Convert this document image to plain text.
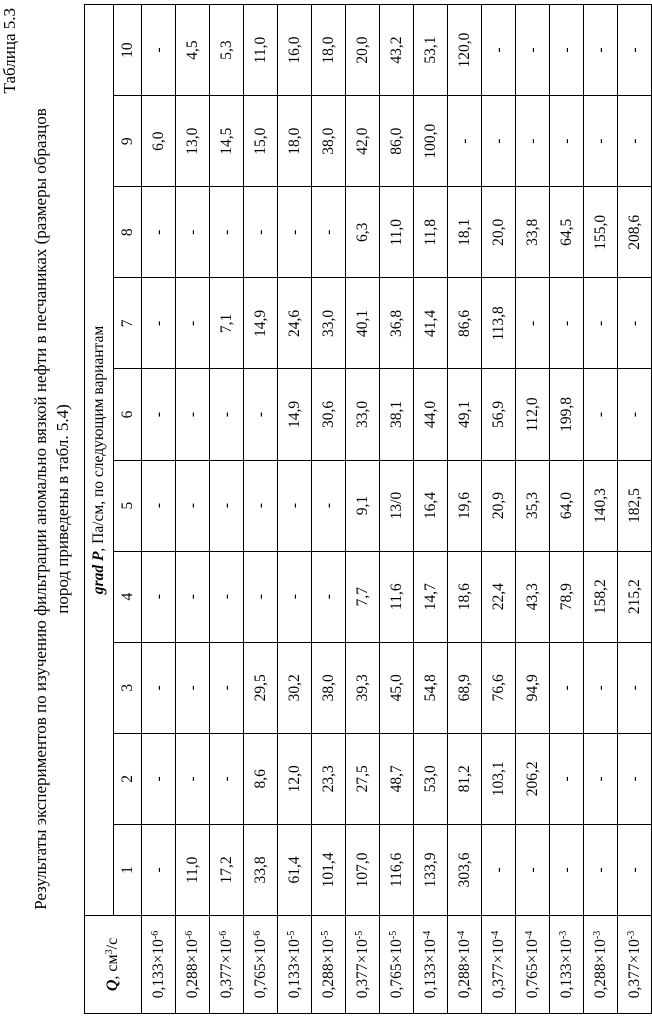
Таблица 5.3
Результаты экспериментов по изучению фильтрации аномально вязкой нефти в песчаниках (размеры образцов пород приведены в табл. 5.4)
Q, $см^3/с$	grad P, Па/см, по следующим вариантам									
	1	2	3	4	5	6	7	8	9	10
$0,133\times 10^{-6}$	-	-	-	-	-	-	-	-	6,0	-
$0,288\times 10^{-6}$	11,0	-	-	-	-	-	-	-	13,0	4,5
$0,377\times 10^{-6}$	17,2	-	-	-	-	-	7,1	-	14,5	5,3
$0,765\times 10^{-6}$	33,8	8,6	29,5	-	-	-	14,9	-	15,0	11,0
$0,133\times 10^{-5}$	61,4	12,0	30,2	-	-	14,9	24,6	-	18,0	16,0
$0,288\times 10^{-5}$	101,4	23,3	38,0	-	-	30,6	33,0	-	38,0	18,0
$0,377\times 10^{-5}$	107,0	27,5	39,3	7,7	9,1	33,0	40,1	6,3	42,0	20,0
$0,765\times 10^{-5}$	116,6	48,7	45,0	11,6	13/0	38,1	36,8	11,0	86,0	43,2
$0,133\times 10^{-4}$	133,9	53,0	54,8	14,7	16,4	44,0	41,4	11,8	100,0	53,1
$0,288\times 10^{-4}$	303,6	81,2	68,9	18,6	19,6	49,1	86,6	18,1	-	120,0
$0,377\times 10^{-4}$	-	103,1	76,6	22,4	20,9	56,9	113,8	20,0	-	-
$0,765\times 10^{-4}$	-	206,2	94,9	43,3	35,3	112,0	-	33,8	-	-
$0,133\times 10^{-3}$	-	-	-	78,9	64,0	199,8	-	64,5	-	-
$0,288\times 10^{-3}$	-	-	-	158,2	140,3	-	-	155,0	-	-
$0,377\times 10^{-3}$	-	-	-	215,2	182,5	-	-	208,6	-	-
